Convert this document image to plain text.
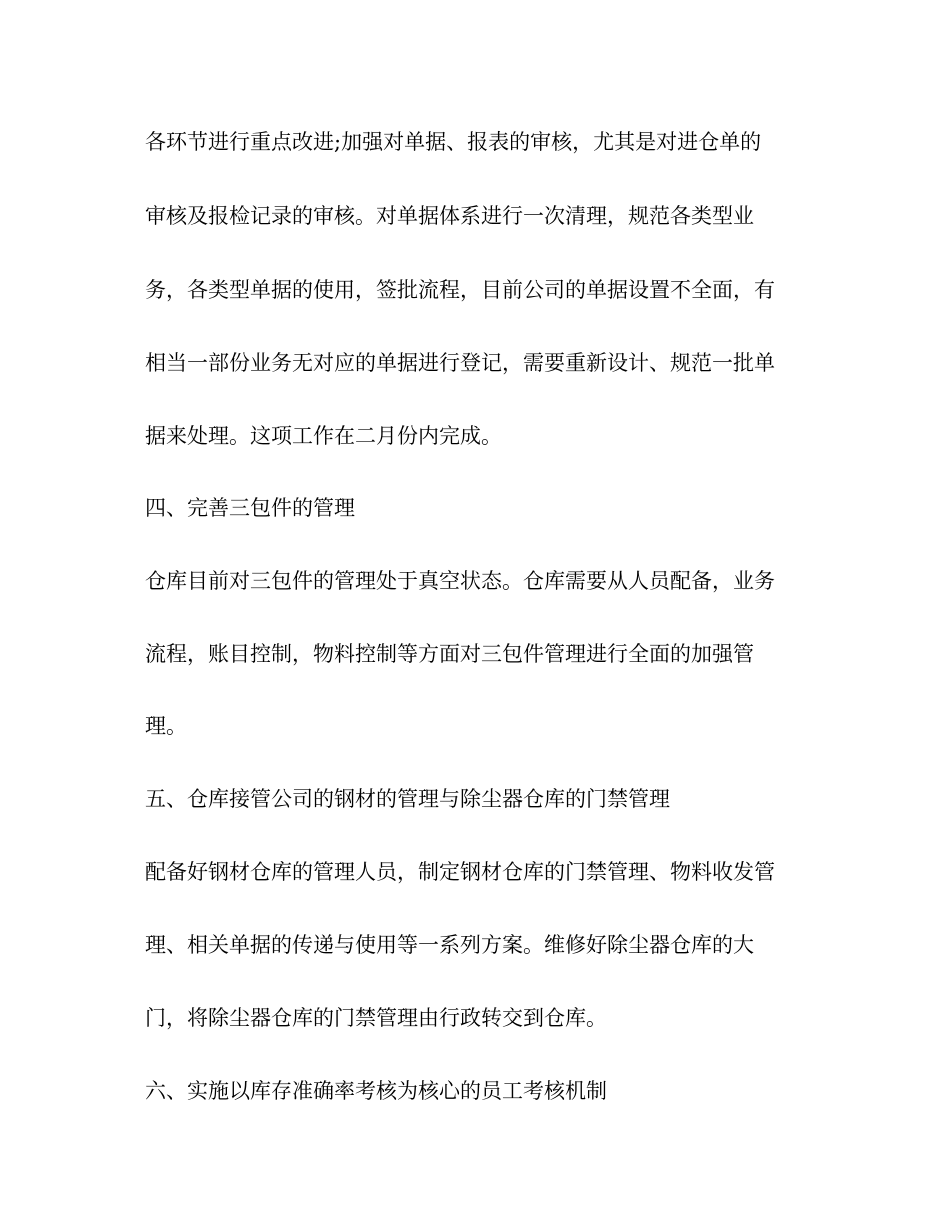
各环节进行重点改进;加强对单据、报表的审核，尤其是对进仓单的

审核及报检记录的审核。对单据体系进行一次清理，规范各类型业

务，各类型单据的使用，签批流程，目前公司的单据设置不全面，有

相当一部份业务无对应的单据进行登记，需要重新设计、规范一批单

据来处理。这项工作在二月份内完成。

四、完善三包件的管理

仓库目前对三包件的管理处于真空状态。仓库需要从人员配备，业务

流程，账目控制，物料控制等方面对三包件管理进行全面的加强管

理。

五、仓库接管公司的钢材的管理与除尘器仓库的门禁管理

配备好钢材仓库的管理人员，制定钢材仓库的门禁管理、物料收发管

理、相关单据的传递与使用等一系列方案。维修好除尘器仓库的大

门，将除尘器仓库的门禁管理由行政转交到仓库。

六、实施以库存准确率考核为核心的员工考核机制
